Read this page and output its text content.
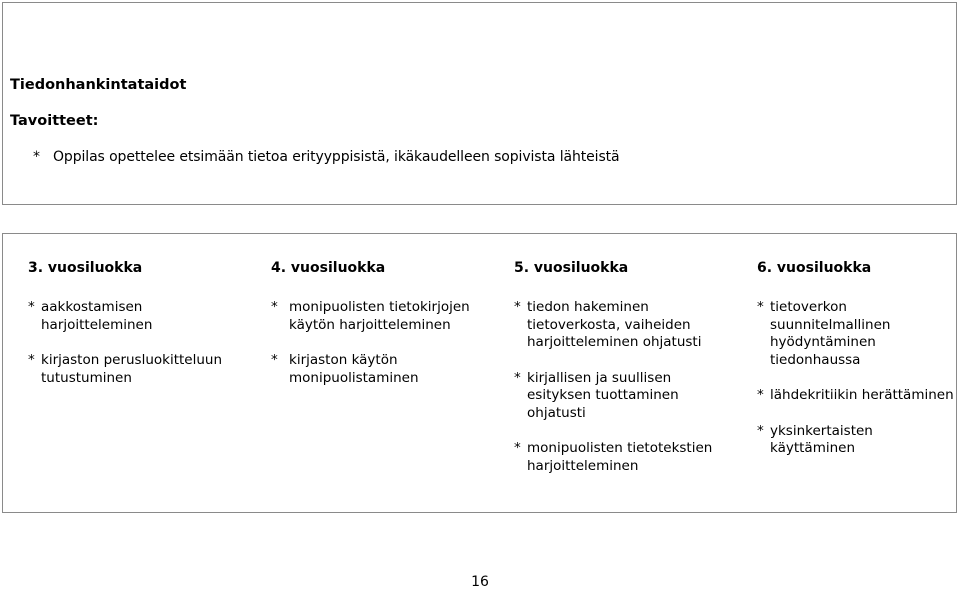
Tiedonhankintataidot
Tavoitteet:
* Oppilas opettelee etsimään tietoa erityyppisistä, ikäkaudelleen sopivista lähteistä
3. vuosiluokka
* aakkostamisen
harjoitteleminen
* kirjaston perusluokitteluun
tutustuminen
4. vuosiluokka
* monipuolisten tietokirjojen
käytön harjoitteleminen
* kirjaston käytön
monipuolistaminen
5. vuosiluokka
* tiedon hakeminen
tietoverkosta, vaiheiden
harjoitteleminen ohjatusti
* kirjallisen ja suullisen
esityksen tuottaminen
ohjatusti
* monipuolisten tietotekstien
harjoitteleminen
6. vuosiluokka
* tietoverkon
suunnitelmallinen
hyödyntäminen
tiedonhaussa
* lähdekritiikin herättäminen
* yksinkertaisten
käyttäminen
16
